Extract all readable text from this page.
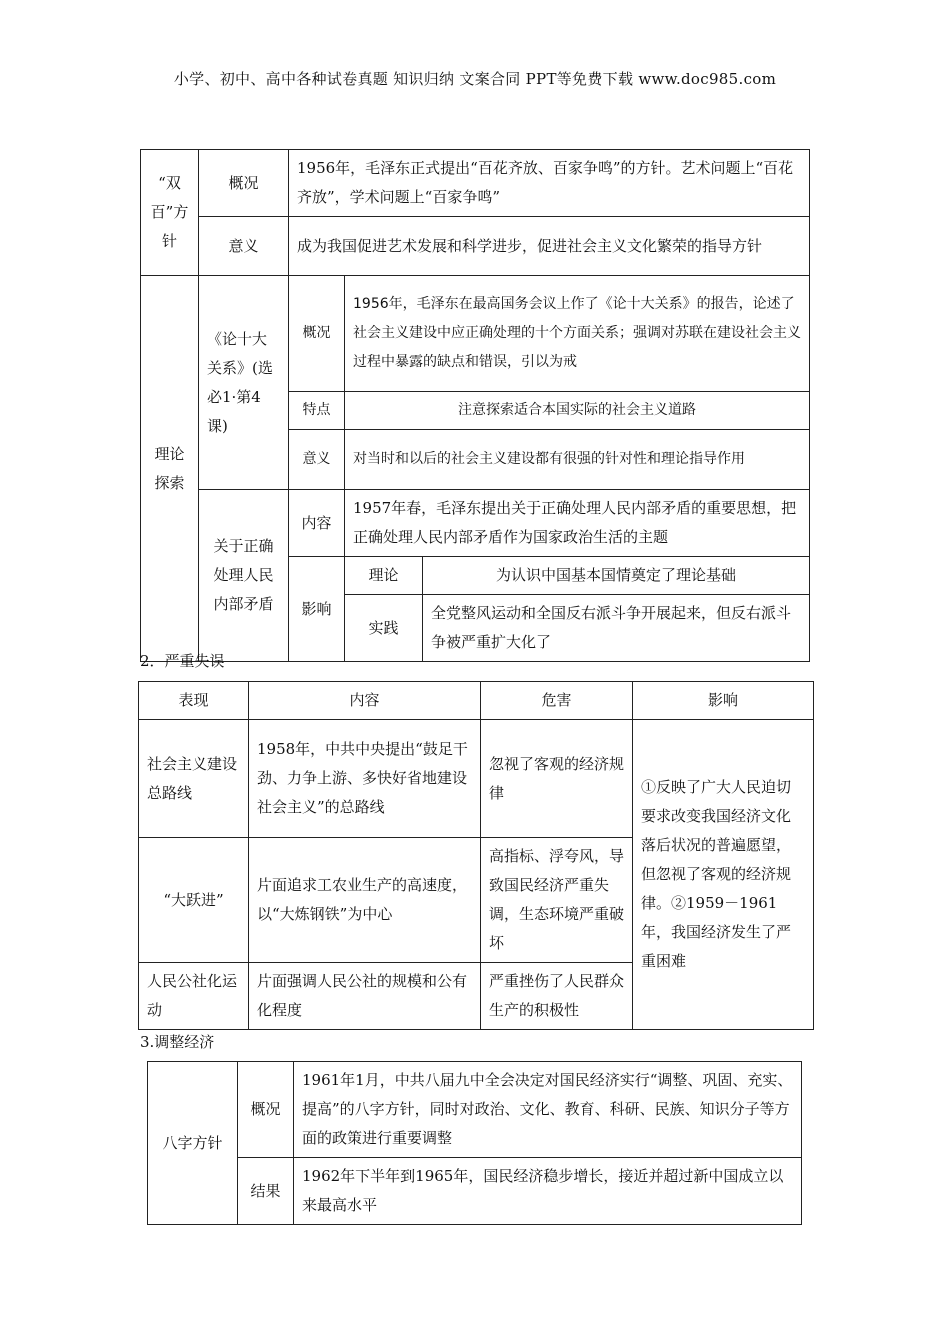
小学、初中、高中各种试卷真题 知识归纳 文案合同 PPT等免费下载 www.doc985.com
“双百”方针	概况	1956年，毛泽东正式提出“百花齐放、百家争鸣”的方针。艺术问题上“百花齐放”，学术问题上“百家争鸣”		
	意义	成为我国促进艺术发展和科学进步，促进社会主义文化繁荣的指导方针		
理论探索	《论十大关系》(选必1·第4课)	概况	1956年，毛泽东在最高国务会议上作了《论十大关系》的报告，论述了社会主义建设中应正确处理的十个方面关系；强调对苏联在建设社会主义过程中暴露的缺点和错误，引以为戒	
		特点	注意探索适合本国实际的社会主义道路	
		意义	对当时和以后的社会主义建设都有很强的针对性和理论指导作用	
	关于正确处理人民内部矛盾	内容	1957年春，毛泽东提出关于正确处理人民内部矛盾的重要思想，把正确处理人民内部矛盾作为国家政治生活的主题	
		影响	理论	为认识中国基本国情奠定了理论基础
			实践	全党整风运动和全国反右派斗争开展起来，但反右派斗争被严重扩大化了
2．严重失误
表现	内容	危害	影响
社会主义建设总路线	1958年，中共中央提出“鼓足干劲、力争上游、多快好省地建设社会主义”的总路线	忽视了客观的经济规律	①反映了广大人民迫切要求改变我国经济文化落后状况的普遍愿望，但忽视了客观的经济规律。②1959－1961年，我国经济发生了严重困难
“大跃进”	片面追求工农业生产的高速度，以“大炼钢铁”为中心	高指标、浮夸风，导致国民经济严重失调，生态环境严重破坏	
人民公社化运动	片面强调人民公社的规模和公有化程度	严重挫伤了人民群众生产的积极性	
3.调整经济
八字方针	概况	1961年1月，中共八届九中全会决定对国民经济实行“调整、巩固、充实、提高”的八字方针，同时对政治、文化、教育、科研、民族、知识分子等方面的政策进行重要调整
	结果	1962年下半年到1965年，国民经济稳步增长，接近并超过新中国成立以来最高水平
